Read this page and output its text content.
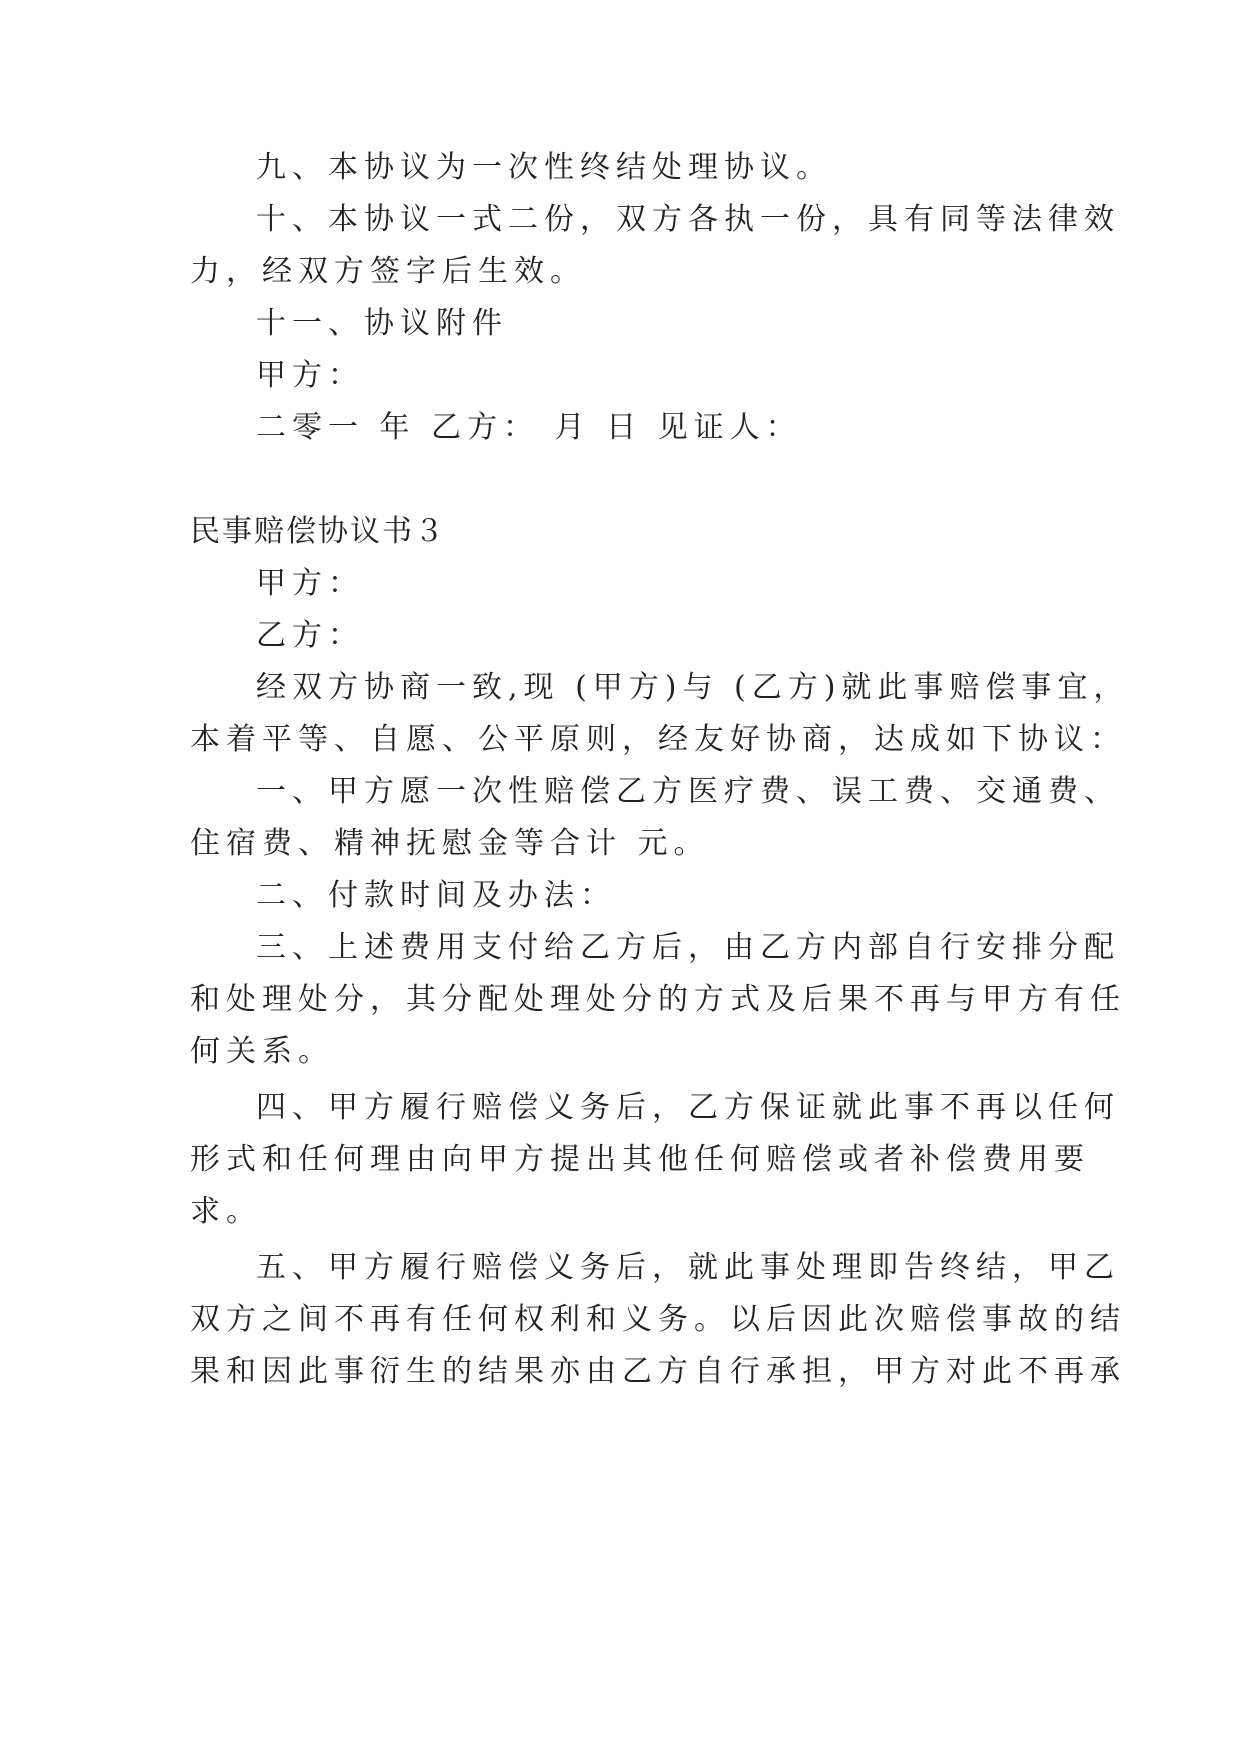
九、本协议为一次性终结处理协议。
十、本协议一式二份，双方各执一份，具有同等法律效
力，经双方签字后生效。
十一、协议附件
甲方：
二零一 年 乙方： 月 日 见证人：
民事赔偿协议书３
甲方：
乙方：
经双方协商一致,现 (甲方)与 (乙方)就此事赔偿事宜，
本着平等、自愿、公平原则，经友好协商，达成如下协议：
一、甲方愿一次性赔偿乙方医疗费、误工费、交通费、
住宿费、精神抚慰金等合计 元。
二、付款时间及办法：
三、上述费用支付给乙方后，由乙方内部自行安排分配
和处理处分，其分配处理处分的方式及后果不再与甲方有任
何关系。
四、甲方履行赔偿义务后，乙方保证就此事不再以任何
形式和任何理由向甲方提出其他任何赔偿或者补偿费用要
求。
五、甲方履行赔偿义务后，就此事处理即告终结，甲乙
双方之间不再有任何权利和义务。以后因此次赔偿事故的结
果和因此事衍生的结果亦由乙方自行承担，甲方对此不再承
